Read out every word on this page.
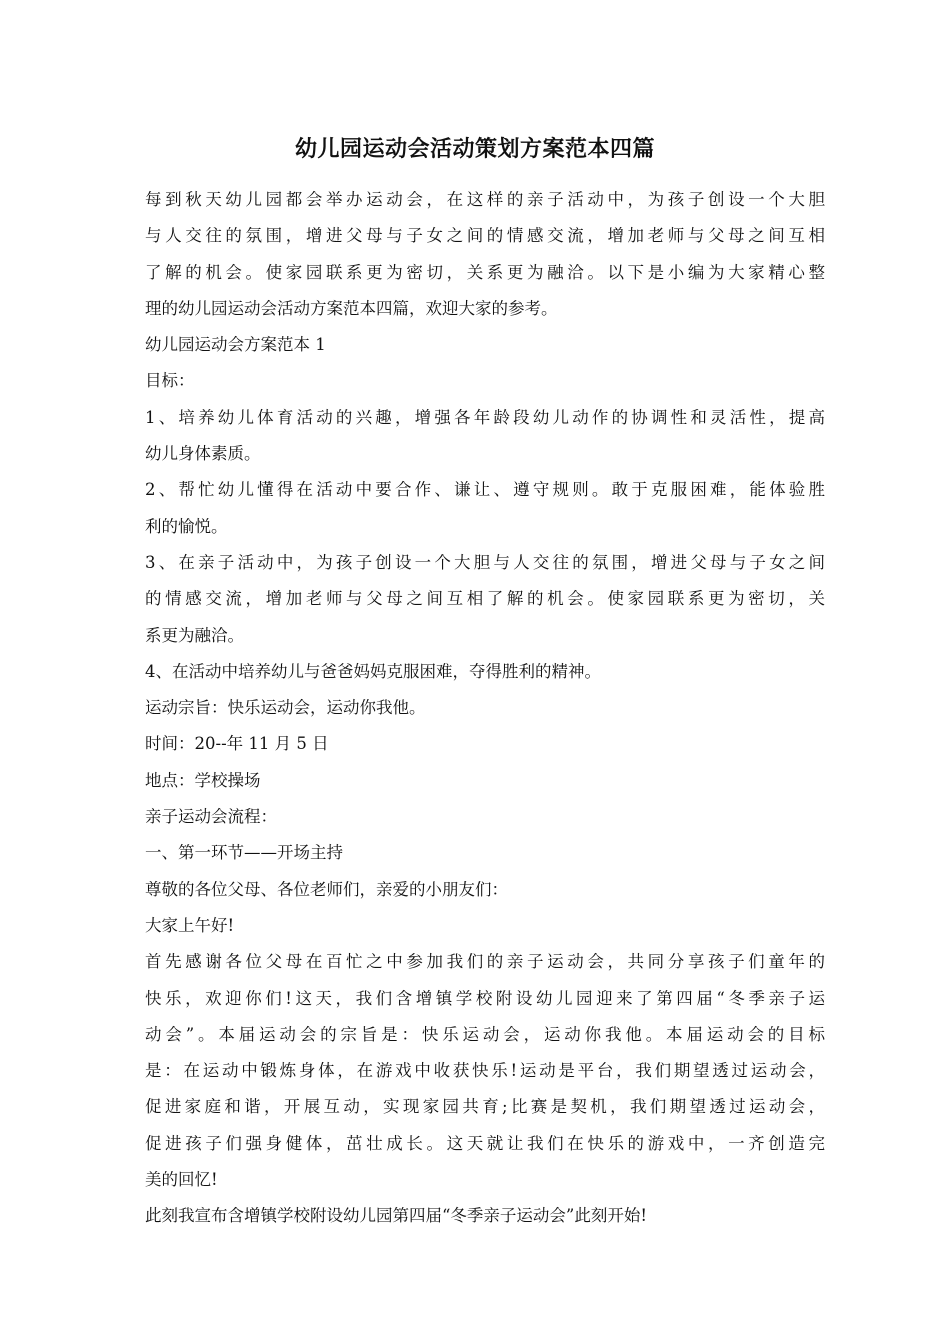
幼儿园运动会活动策划方案范本四篇
每到秋天幼儿园都会举办运动会，在这样的亲子活动中，为孩子创设一个大胆
与人交往的氛围，增进父母与子女之间的情感交流，增加老师与父母之间互相
了解的机会。使家园联系更为密切，关系更为融洽。以下是小编为大家精心整
理的幼儿园运动会活动方案范本四篇，欢迎大家的参考。
幼儿园运动会方案范本 1
目标：
1、培养幼儿体育活动的兴趣，增强各年龄段幼儿动作的协调性和灵活性，提高
幼儿身体素质。
2、帮忙幼儿懂得在活动中要合作、谦让、遵守规则。敢于克服困难，能体验胜
利的愉悦。
3、在亲子活动中，为孩子创设一个大胆与人交往的氛围，增进父母与子女之间
的情感交流，增加老师与父母之间互相了解的机会。使家园联系更为密切，关
系更为融洽。
4、在活动中培养幼儿与爸爸妈妈克服困难，夺得胜利的精神。
运动宗旨：快乐运动会，运动你我他。
时间：20--年 11 月 5 日
地点：学校操场
亲子运动会流程：
一、第一环节——开场主持
尊敬的各位父母、各位老师们，亲爱的小朋友们：
大家上午好!
首先感谢各位父母在百忙之中参加我们的亲子运动会，共同分享孩子们童年的
快乐，欢迎你们!这天，我们含增镇学校附设幼儿园迎来了第四届“冬季亲子运
动会”。本届运动会的宗旨是：快乐运动会，运动你我他。本届运动会的目标
是：在运动中锻炼身体，在游戏中收获快乐!运动是平台，我们期望透过运动会，
促进家庭和谐，开展互动，实现家园共育;比赛是契机，我们期望透过运动会，
促进孩子们强身健体，茁壮成长。这天就让我们在快乐的游戏中，一齐创造完
美的回忆!
此刻我宣布含增镇学校附设幼儿园第四届“冬季亲子运动会”此刻开始!
